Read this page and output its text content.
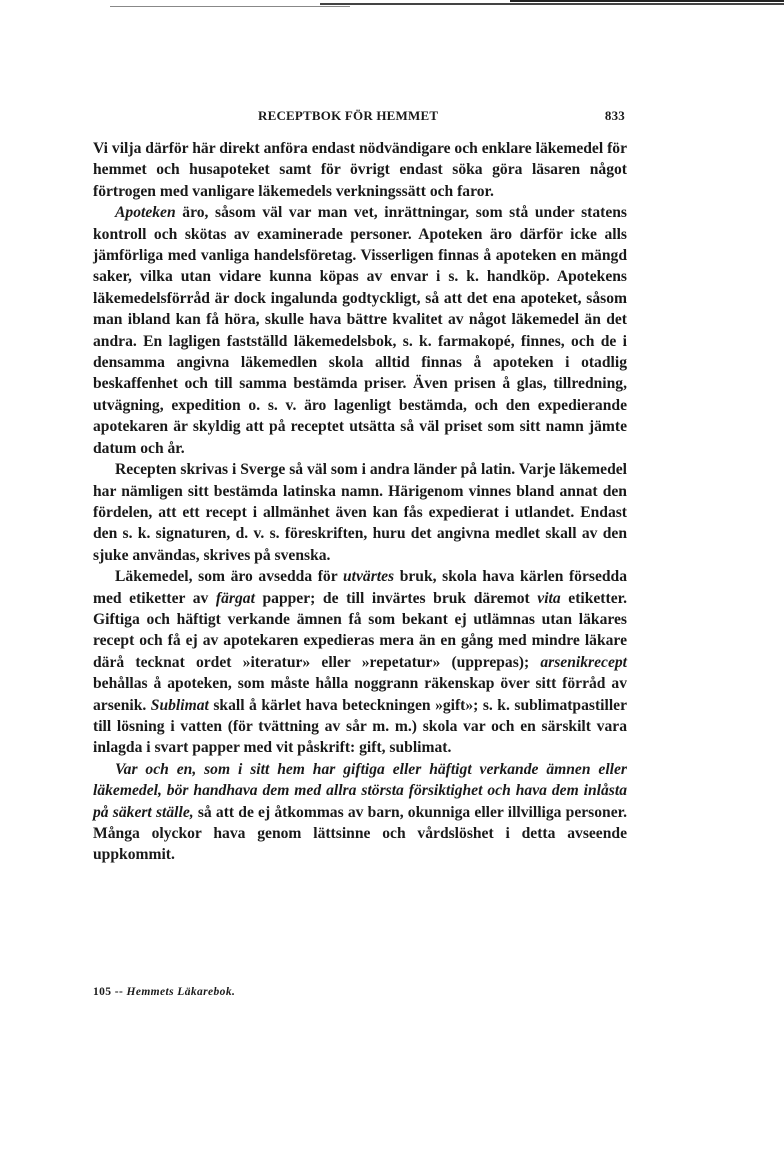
RECEPTBOK FÖR HEMMET	833

Vi vilja därför här direkt anföra endast nödvändigare och enklare läkemedel för hemmet och husapoteket samt för övrigt endast söka göra läsaren något förtrogen med vanligare läkemedels verkningssätt och faror.

Apoteken äro, såsom väl var man vet, inrättningar, som stå under statens kontroll och skötas av examinerade personer. Apoteken äro därför icke alls jämförliga med vanliga handelsföretag. Visserligen finnas å apoteken en mängd saker, vilka utan vidare kunna köpas av envar i s. k. handköp. Apotekens läkemedelsförråd är dock ingalunda godtyckligt, så att det ena apoteket, såsom man ibland kan få höra, skulle hava bättre kvalitet av något läkemedel än det andra. En lagligen fastställd läkemedelsbok, s. k. farmakopé, finnes, och de i densamma angivna läkemedlen skola alltid finnas å apoteken i otadlig beskaffenhet och till samma bestämda priser. Även prisen å glas, tillredning, utvägning, expedition o. s. v. äro lagenligt bestämda, och den expedierande apotekaren är skyldig att på receptet utsätta så väl priset som sitt namn jämte datum och år.

Recepten skrivas i Sverge så väl som i andra länder på latin. Varje läkemedel har nämligen sitt bestämda latinska namn. Härigenom vinnes bland annat den fördelen, att ett recept i allmänhet även kan fås expedierat i utlandet. Endast den s. k. signaturen, d. v. s. föreskriften, huru det angivna medlet skall av den sjuke användas, skrives på svenska.

Läkemedel, som äro avsedda för utvärtes bruk, skola hava kärlen försedda med etiketter av färgat papper; de till invärtes bruk däremot vita etiketter. Giftiga och häftigt verkande ämnen få som bekant ej utlämnas utan läkares recept och få ej av apotekaren expedieras mera än en gång med mindre läkare därå tecknat ordet »iteratur» eller »repetatur» (upprepas); arsenikrecept behållas å apoteken, som måste hålla noggrann räkenskap över sitt förråd av arsenik. Sublimat skall å kärlet hava beteckningen »gift»; s. k. sublimatpastiller till lösning i vatten (för tvättning av sår m. m.) skola var och en särskilt vara inlagda i svart papper med vit påskrift: gift, sublimat.

Var och en, som i sitt hem har giftiga eller häftigt verkande ämnen eller läkemedel, bör handhava dem med allra största försiktighet och hava dem inlåsta på säkert ställe, så att de ej åtkommas av barn, okunniga eller illvilliga personer. Många olyckor hava genom lättsinne och vårdslöshet i detta avseende uppkommit.

105 -- Hemmets Läkarebok.
